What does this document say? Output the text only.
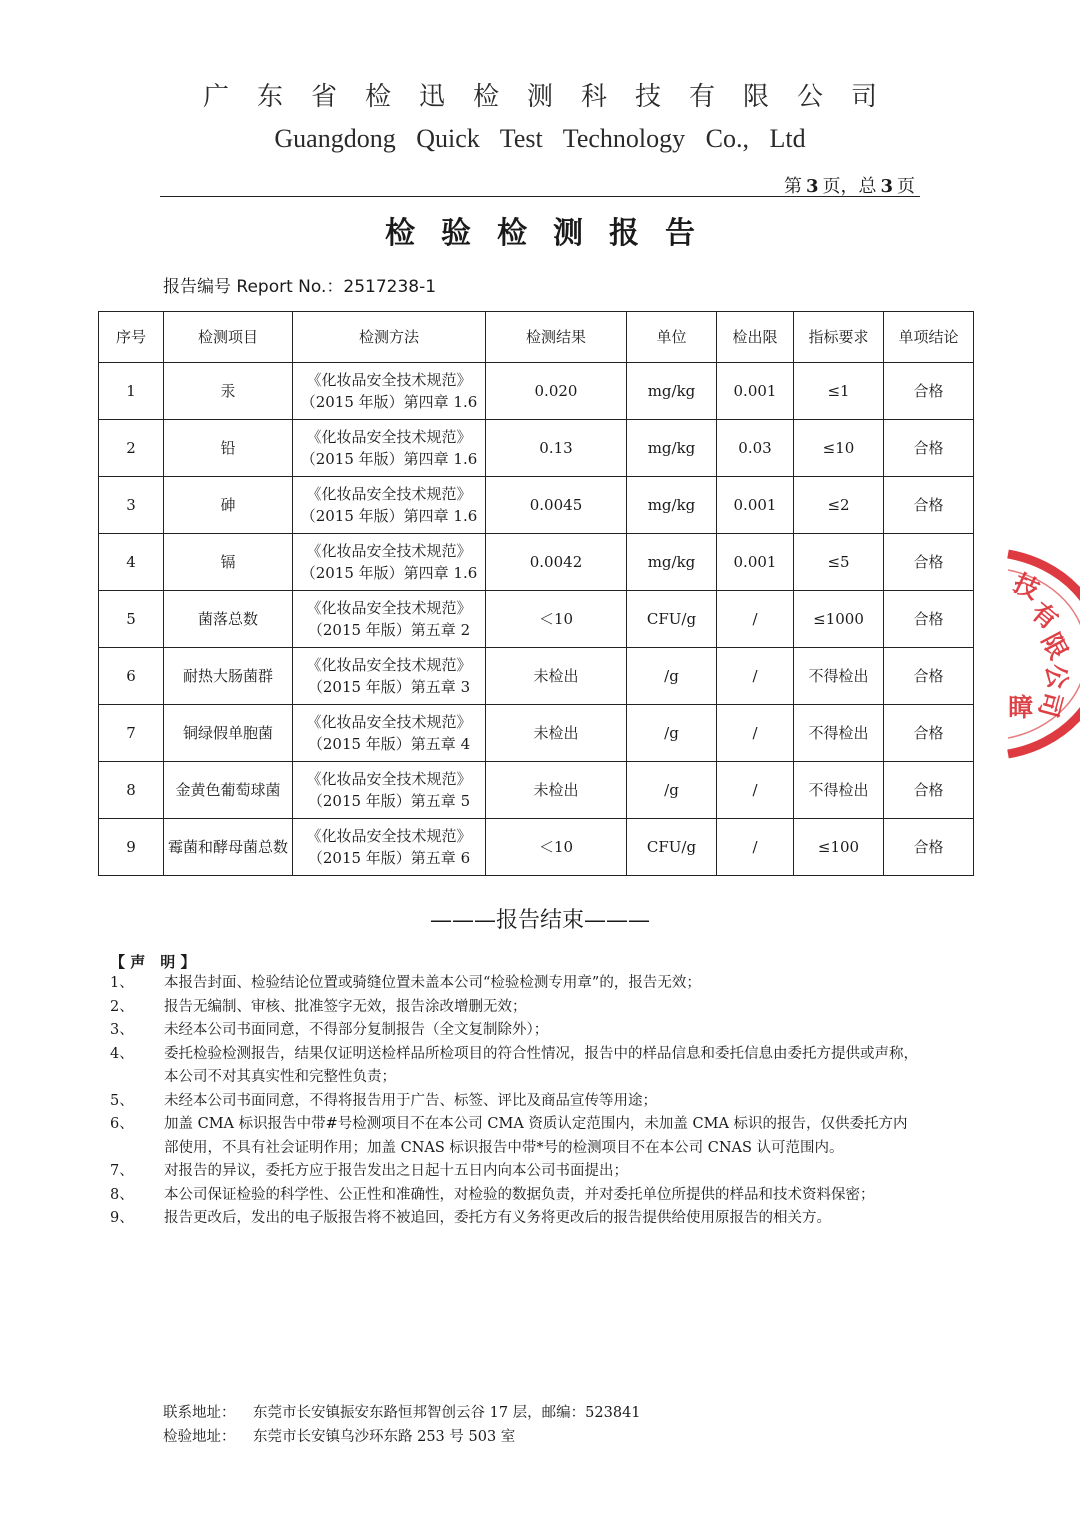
广东省检迅检测科技有限公司
Guangdong Quick Test Technology Co., Ltd
第 3 页，总 3 页
检验检测报告
报告编号 Report No.：2517238-1
序号	检测项目	检测方法	检测结果	单位	检出限	指标要求	单项结论
1	汞	《化妆品安全技术规范》
（2015 年版）第四章 1.6	0.020	mg/kg	0.001	≤1	合格
2	铅	《化妆品安全技术规范》
（2015 年版）第四章 1.6	0.13	mg/kg	0.03	≤10	合格
3	砷	《化妆品安全技术规范》
（2015 年版）第四章 1.6	0.0045	mg/kg	0.001	≤2	合格
4	镉	《化妆品安全技术规范》
（2015 年版）第四章 1.6	0.0042	mg/kg	0.001	≤5	合格
5	菌落总数	《化妆品安全技术规范》
（2015 年版）第五章 2	＜10	CFU/g	/	≤1000	合格
6	耐热大肠菌群	《化妆品安全技术规范》
（2015 年版）第五章 3	未检出	/g	/	不得检出	合格
7	铜绿假单胞菌	《化妆品安全技术规范》
（2015 年版）第五章 4	未检出	/g	/	不得检出	合格
8	金黄色葡萄球菌	《化妆品安全技术规范》
（2015 年版）第五章 5	未检出	/g	/	不得检出	合格
9	霉菌和酵母菌总数	《化妆品安全技术规范》
（2015 年版）第五章 6	＜10	CFU/g	/	≤100	合格
———报告结束———
【 声　明 】
1、 本报告封面、检验结论位置或骑缝位置未盖本公司“检验检测专用章”的，报告无效；
2、 报告无编制、审核、批准签字无效，报告涂改增删无效；
3、 未经本公司书面同意，不得部分复制报告（全文复制除外）；
4、 委托检验检测报告，结果仅证明送检样品所检项目的符合性情况，报告中的样品信息和委托信息由委托方提供或声称，本公司不对其真实性和完整性负责；
5、 未经本公司书面同意，不得将报告用于广告、标签、评比及商品宣传等用途；
6、 加盖 CMA 标识报告中带#号检测项目不在本公司 CMA 资质认定范围内，未加盖 CMA 标识的报告，仅供委托方内部使用，不具有社会证明作用；加盖 CNAS 标识报告中带*号的检测项目不在本公司 CNAS 认可范围内。
7、 对报告的异议，委托方应于报告发出之日起十五日内向本公司书面提出；
8、 本公司保证检验的科学性、公正性和准确性，对检验的数据负责，并对委托单位所提供的样品和技术资料保密；
9、 报告更改后，发出的电子版报告将不被追回，委托方有义务将更改后的报告提供给使用原报告的相关方。
联系地址： 东莞市长安镇振安东路恒邦智创云谷 17 层，邮编：523841
检验地址： 东莞市长安镇乌沙环东路 253 号 503 室
技
有
限
公
司
瞕
